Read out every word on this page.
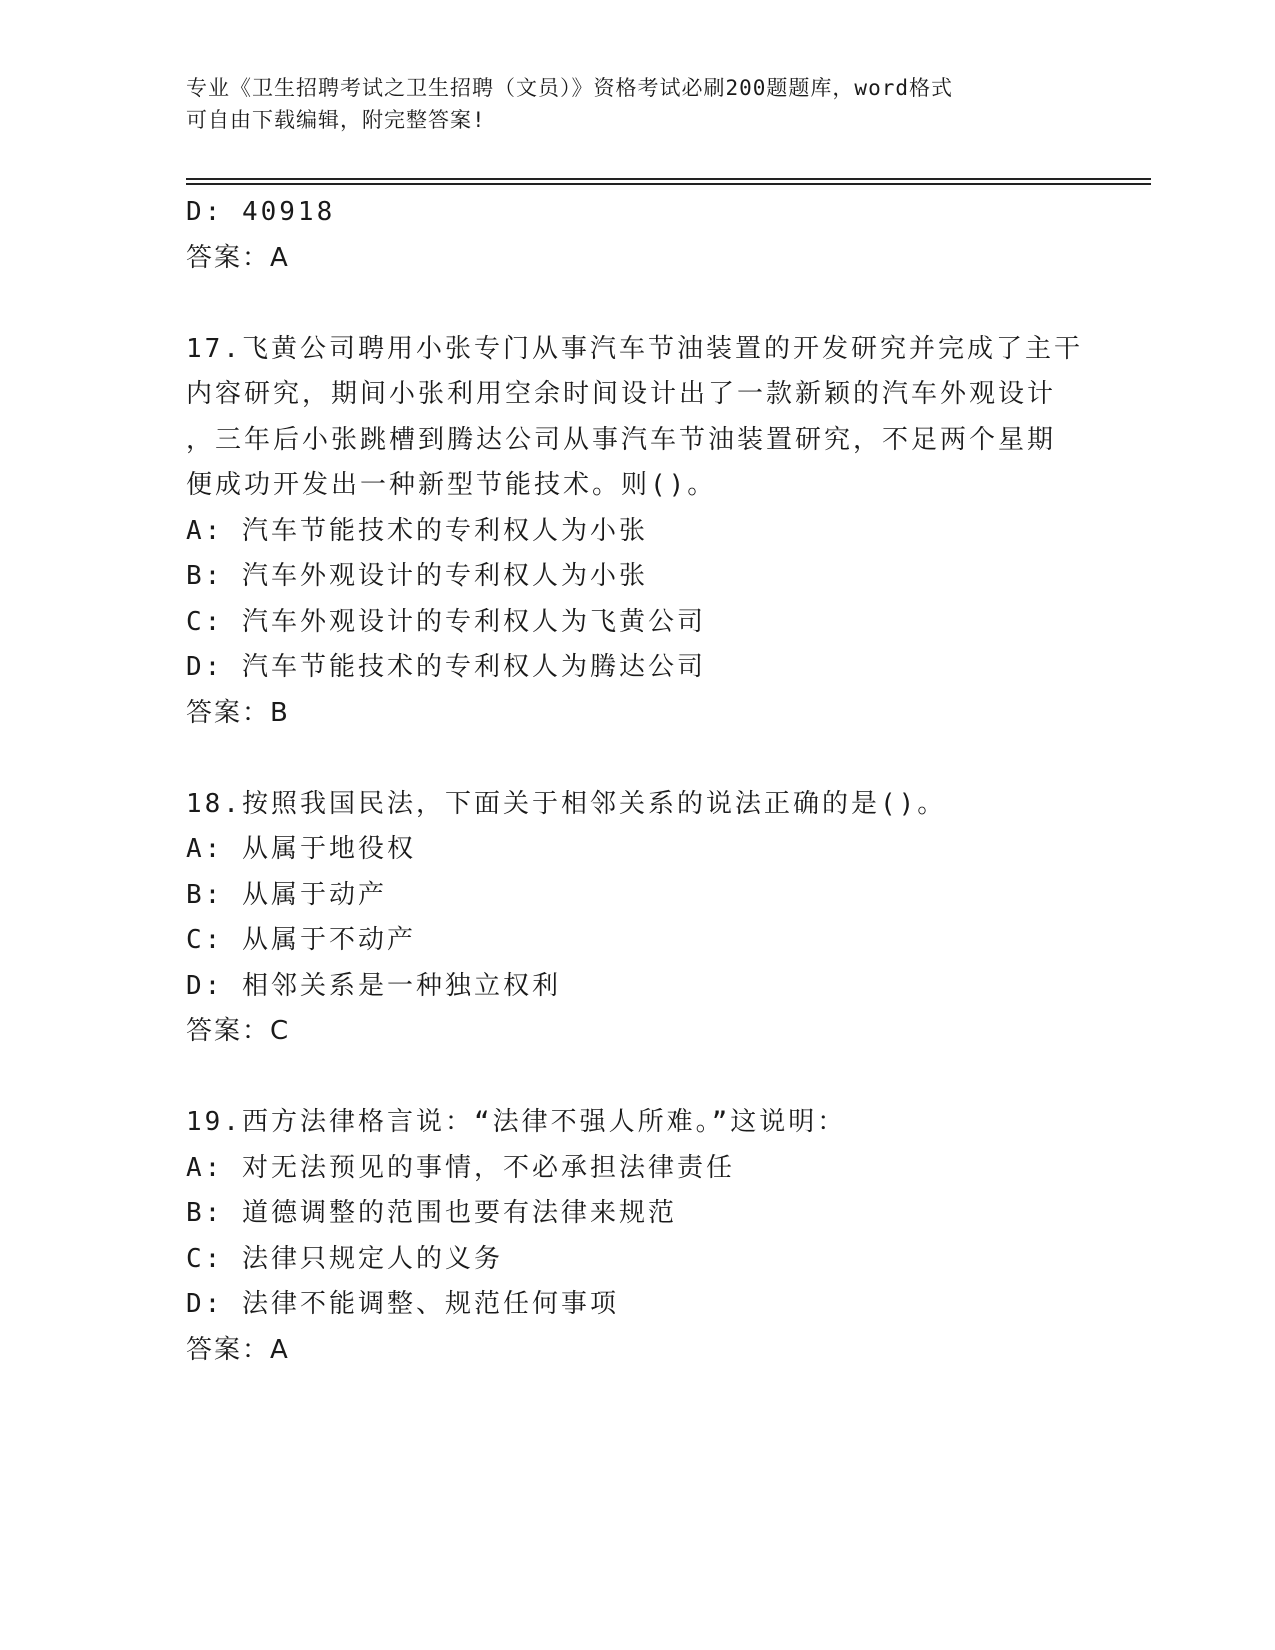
专业《卫生招聘考试之卫生招聘（文员）》资格考试必刷200题题库，word格式
可自由下载编辑，附完整答案!
D: 40918
答案：A
17.飞黄公司聘用小张专门从事汽车节油装置的开发研究并完成了主干
内容研究，期间小张利用空余时间设计出了一款新颖的汽车外观设计
，三年后小张跳槽到腾达公司从事汽车节油装置研究，不足两个星期
便成功开发出一种新型节能技术。则()。
A: 汽车节能技术的专利权人为小张
B: 汽车外观设计的专利权人为小张
C: 汽车外观设计的专利权人为飞黄公司
D: 汽车节能技术的专利权人为腾达公司
答案：B
18.按照我国民法，下面关于相邻关系的说法正确的是()。
A: 从属于地役权
B: 从属于动产
C: 从属于不动产
D: 相邻关系是一种独立权利
答案：C
19.西方法律格言说：“法律不强人所难。”这说明：
A: 对无法预见的事情，不必承担法律责任
B: 道德调整的范围也要有法律来规范
C: 法律只规定人的义务
D: 法律不能调整、规范任何事项
答案：A
